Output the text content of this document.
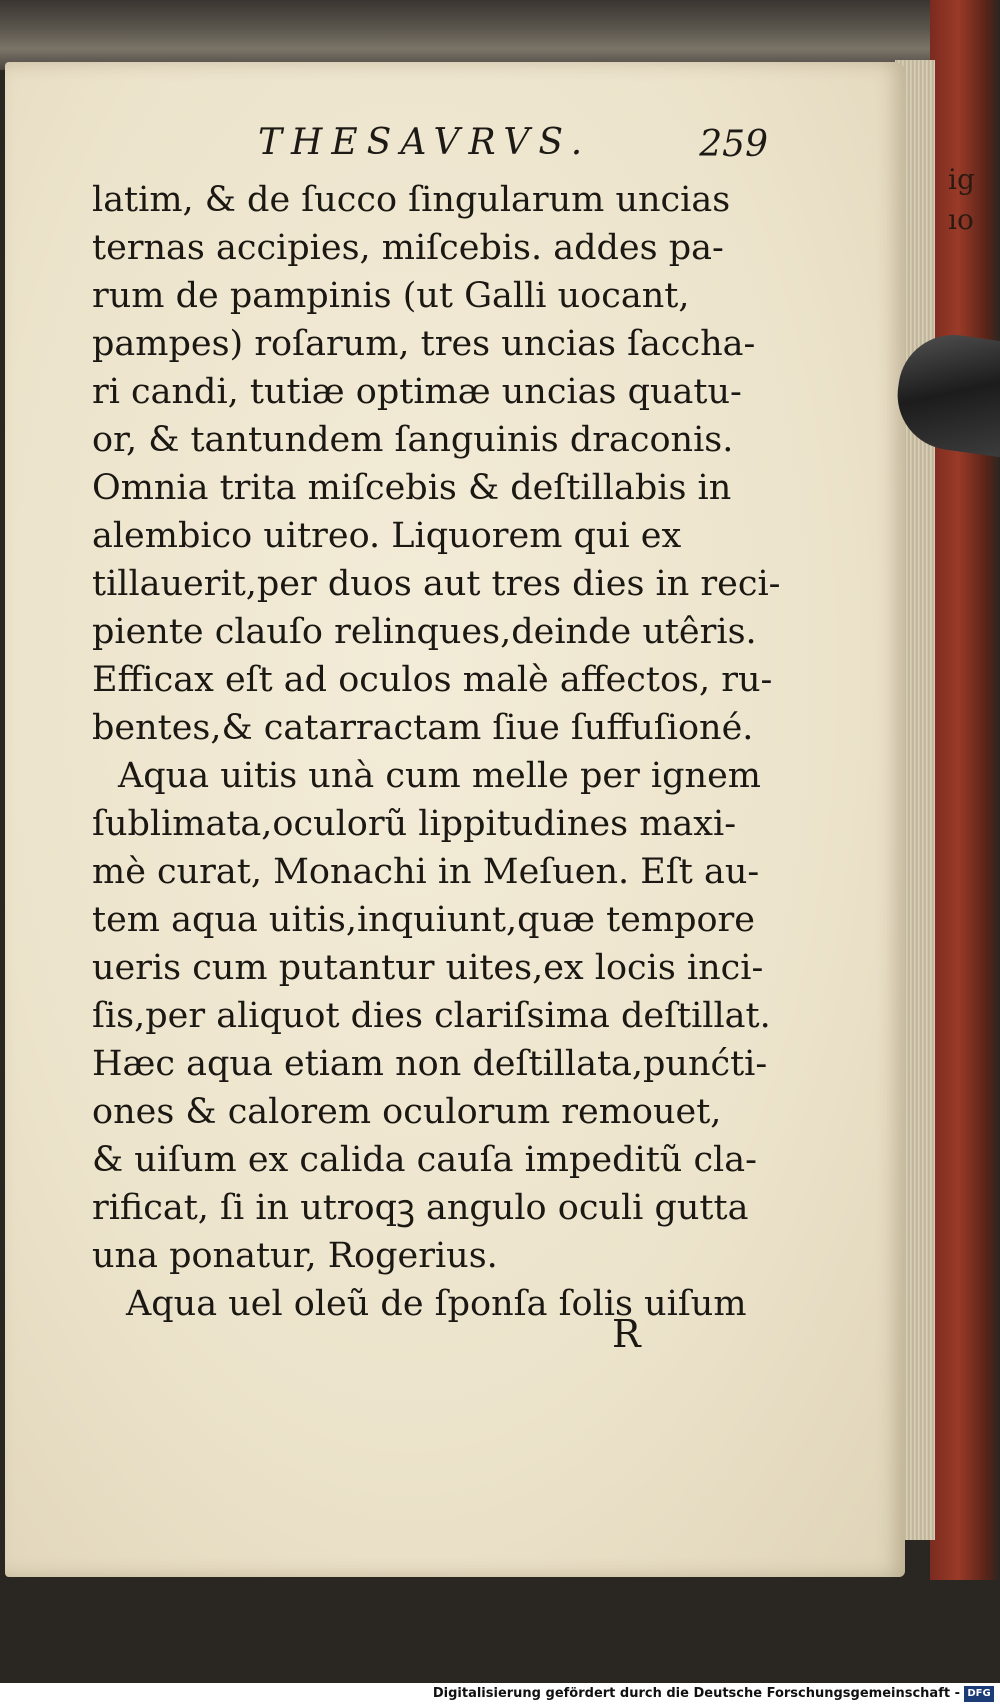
ig
ıo
THESAVRVS.	259
latim, & de ſucco ſingularum uncias
ternas accipies, miſcebis. addes pa-
rum de pampinis (ut Galli uocant,
pampes) roſarum, tres uncias ſaccha-
ri candi, tutiæ optimæ uncias quatu-
or, & tantundem ſanguinis draconis.
Omnia trita miſcebis & deſtillabis in
alembico uitreo. Liquorem qui ex
tillauerit,per duos aut tres dies in reci-
piente clauſo relinques,deinde utêris.
Efficax eſt ad oculos malè affectos, ru-
bentes,& catarractam ſiue ſuffuſioné.
Aqua uitis unà cum melle per ignem
ſublimata,oculorũ lippitudines maxi-
mè curat, Monachi in Meſuen. Eſt au-
tem aqua uitis,inquiunt,quæ tempore
ueris cum putantur uites,ex locis inci-
ſis,per aliquot dies clariſsima deſtillat.
Hæc aqua etiam non deſtillata,punćti-
ones & calorem oculorum remouet,
& uiſum ex calida cauſa impeditũ cla-
rificat, ſi in utroqꝫ angulo oculi gutta
una ponatur, Rogerius.
Aqua uel oleũ de ſponſa ſolis uiſum
R
Digitalisierung gefördert durch die Deutsche Forschungsgemeinschaft - DFG
